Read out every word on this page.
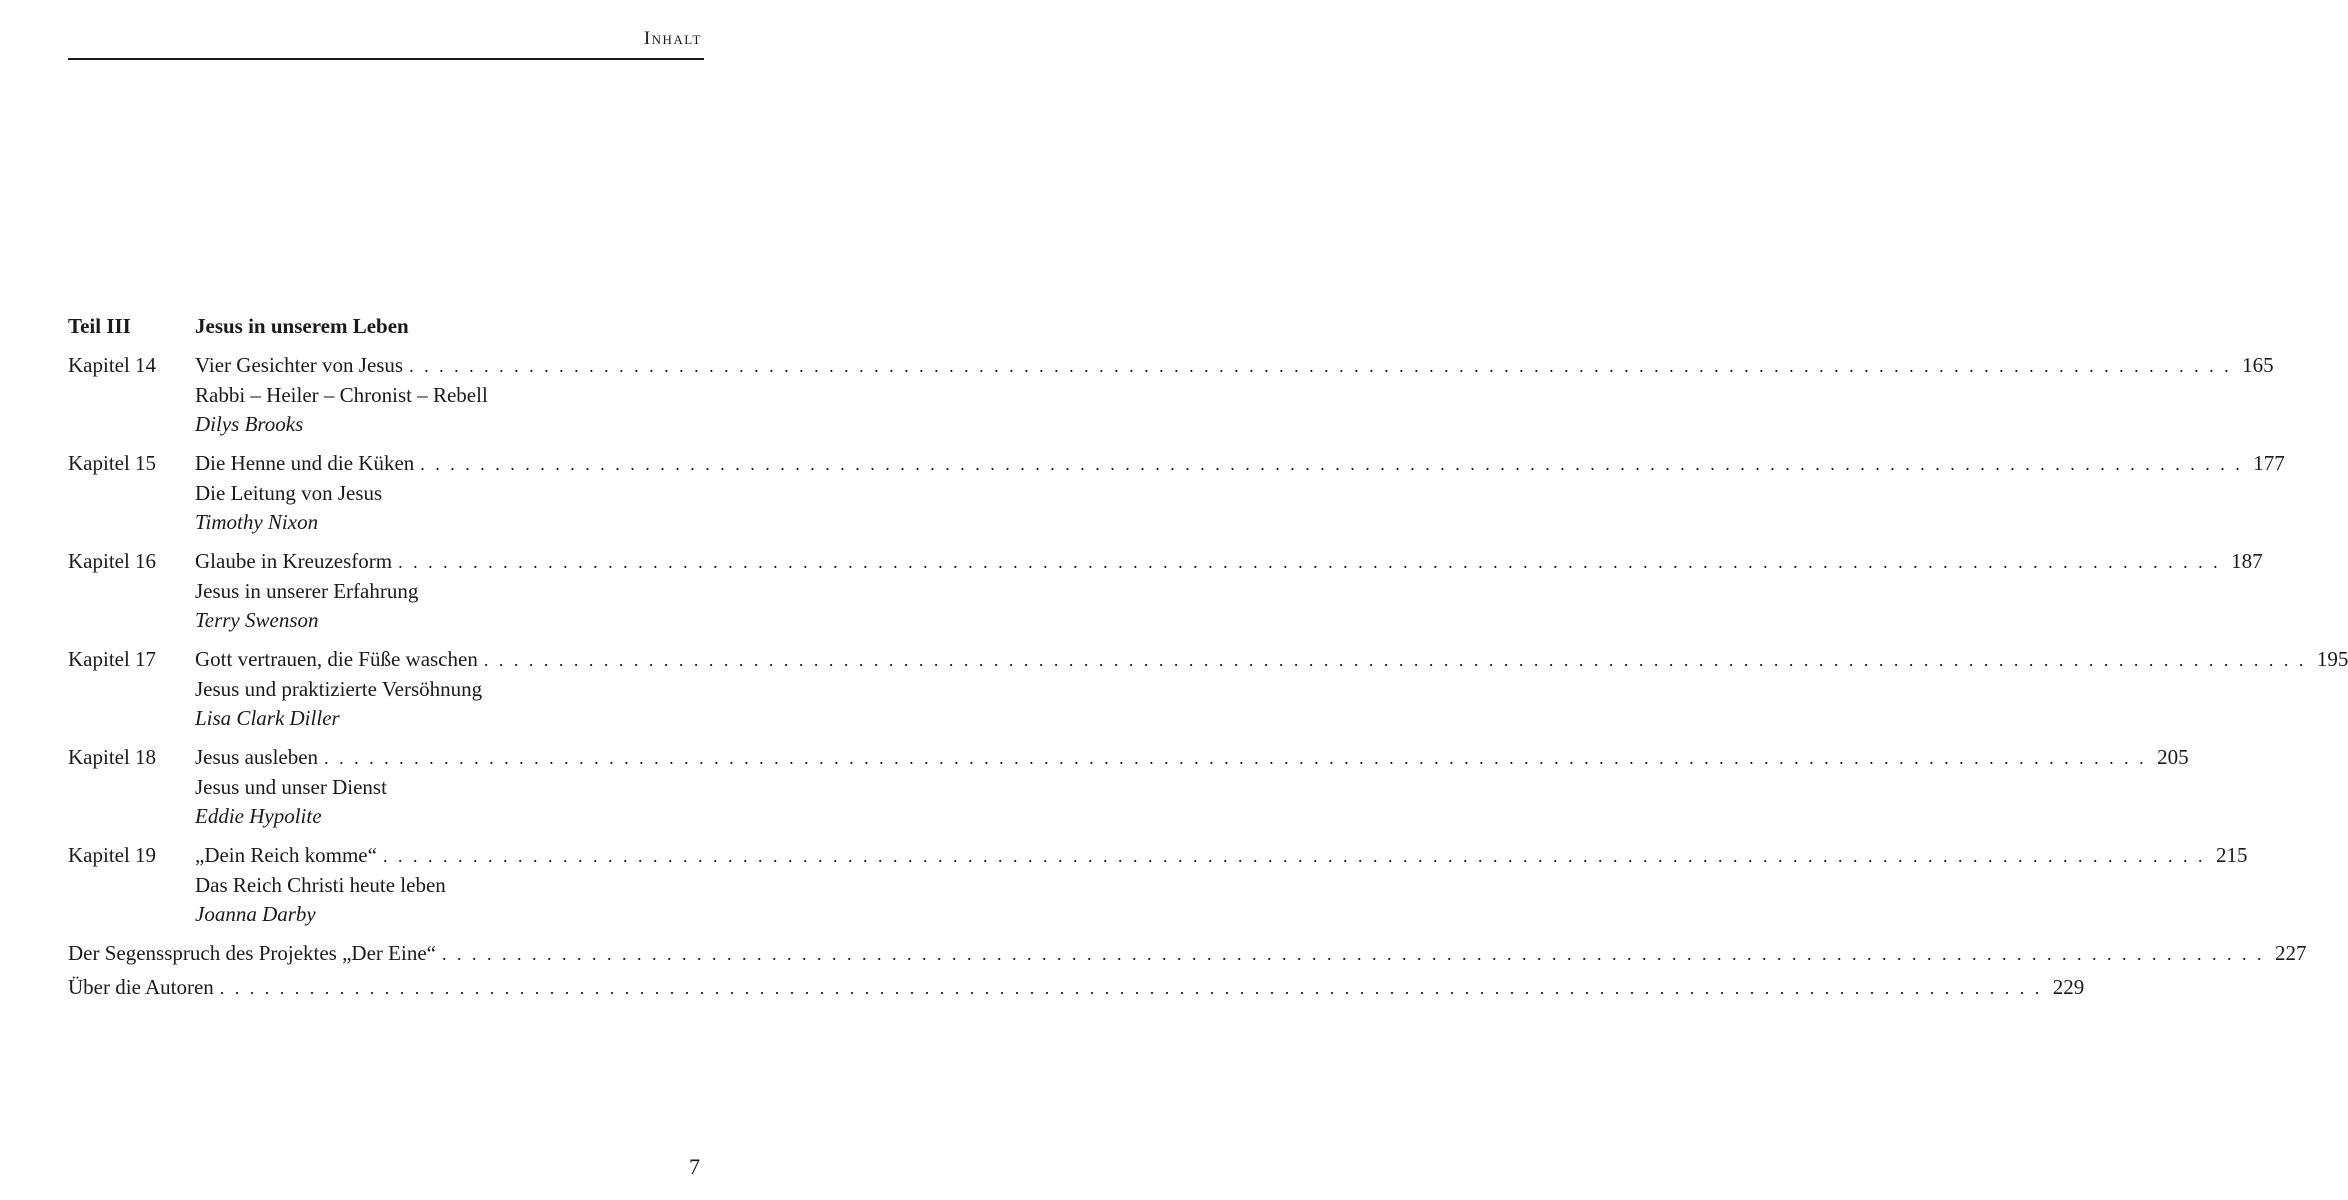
Inhalt
Teil III	Jesus in unserem Leben
Kapitel 14	Vier Gesichter von Jesus . . .	165
Rabbi – Heiler – Chronist – Rebell
Dilys Brooks
Kapitel 15	Die Henne und die Küken . . .	177
Die Leitung von Jesus
Timothy Nixon
Kapitel 16	Glaube in Kreuzesform . . .	187
Jesus in unserer Erfahrung
Terry Swenson
Kapitel 17	Gott vertrauen, die Füße waschen . . .	195
Jesus und praktizierte Versöhnung
Lisa Clark Diller
Kapitel 18	Jesus ausleben . . .	205
Jesus und unser Dienst
Eddie Hypolite
Kapitel 19	„Dein Reich komme“ . . .	215
Das Reich Christi heute leben
Joanna Darby
Der Segensspruch des Projektes „Der Eine“ . . .	227
Über die Autoren . . .	229
7
